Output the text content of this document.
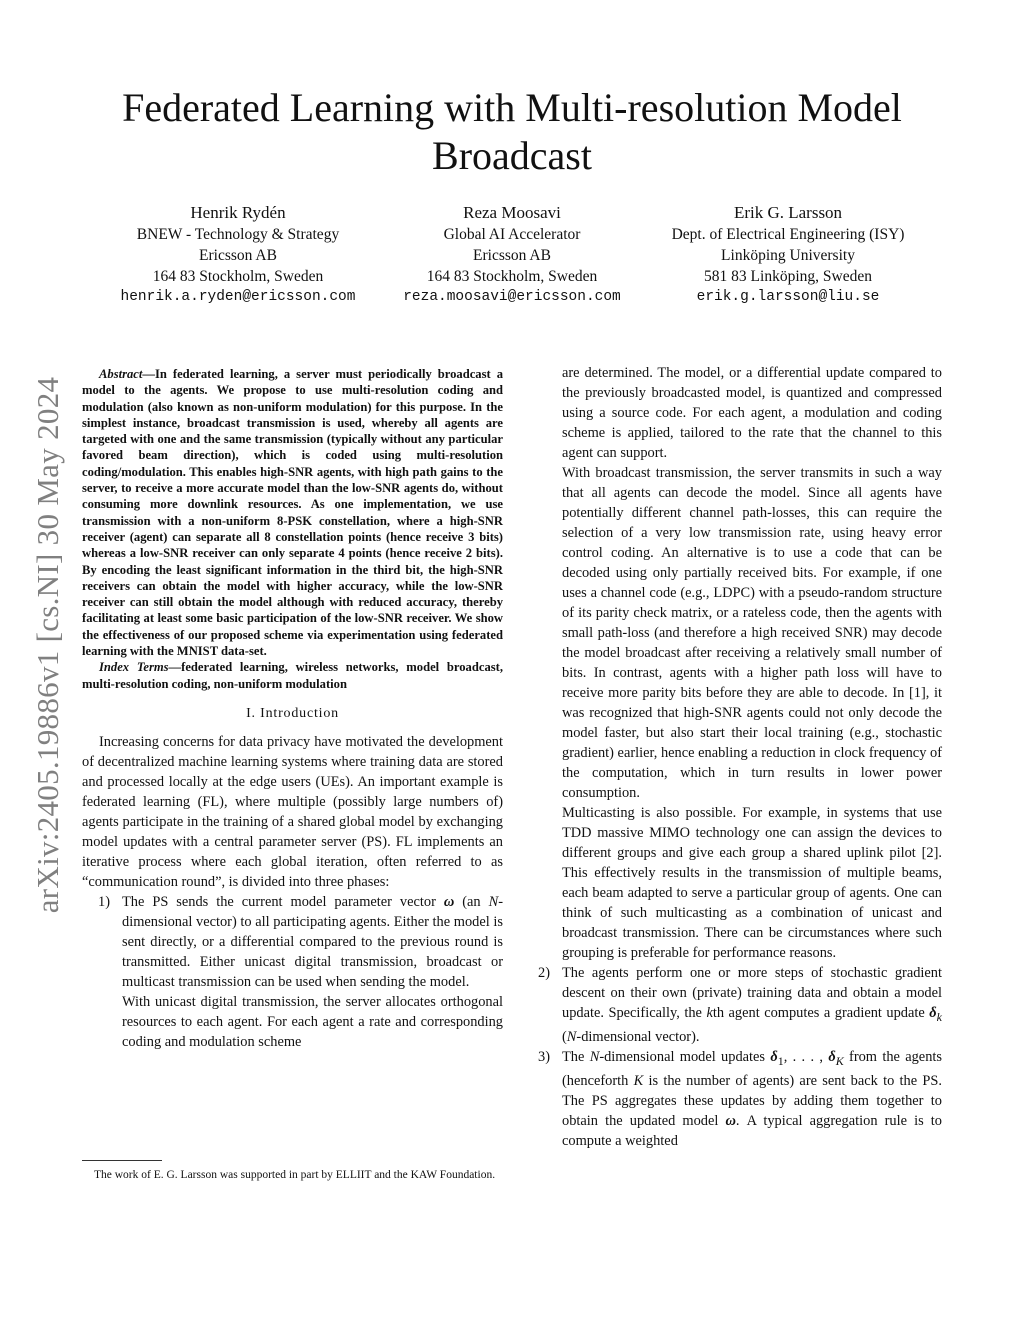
Federated Learning with Multi-resolution Model
Broadcast
Henrik Rydén
BNEW - Technology & Strategy
Ericsson AB
164 83 Stockholm, Sweden
henrik.a.ryden@ericsson.com
Reza Moosavi
Global AI Accelerator
Ericsson AB
164 83 Stockholm, Sweden
reza.moosavi@ericsson.com
Erik G. Larsson
Dept. of Electrical Engineering (ISY)
Linköping University
581 83 Linköping, Sweden
erik.g.larsson@liu.se
arXiv:2405.19886v1 [cs.NI] 30 May 2024

Abstract—In federated learning, a server must periodically broadcast a model to the agents. We propose to use multi-resolution coding and modulation (also known as non-uniform modulation) for this purpose. In the simplest instance, broadcast transmission is used, whereby all agents are targeted with one and the same transmission (typically without any particular favored beam direction), which is coded using multi-resolution coding/modulation. This enables high-SNR agents, with high path gains to the server, to receive a more accurate model than the low-SNR agents do, without consuming more downlink resources. As one implementation, we use transmission with a non-uniform 8-PSK constellation, where a high-SNR receiver (agent) can separate all 8 constellation points (hence receive 3 bits) whereas a low-SNR receiver can only separate 4 points (hence receive 2 bits). By encoding the least significant information in the third bit, the high-SNR receivers can obtain the model with higher accuracy, while the low-SNR receiver can still obtain the model although with reduced accuracy, thereby facilitating at least some basic participation of the low-SNR receiver. We show the effectiveness of our proposed scheme via experimentation using federated learning with the MNIST data-set.

Index Terms—federated learning, wireless networks, model broadcast, multi-resolution coding, non-uniform modulation

I. Introduction

Increasing concerns for data privacy have motivated the development of decentralized machine learning systems where training data are stored and processed locally at the edge users (UEs). An important example is federated learning (FL), where multiple (possibly large numbers of) agents participate in the training of a shared global model by exchanging model updates with a central parameter server (PS). FL implements an iterative process where each global iteration, often referred to as “communication round”, is divided into three phases:

1) The PS sends the current model parameter vector ω (an N-dimensional vector) to all participating agents. Either the model is sent directly, or a differential compared to the previous round is transmitted. Either unicast digital transmission, broadcast or multicast transmission can be used when sending the model.

With unicast digital transmission, the server allocates orthogonal resources to each agent. For each agent a rate and corresponding coding and modulation scheme

are determined. The model, or a differential update compared to the previously broadcasted model, is quantized and compressed using a source code. For each agent, a modulation and coding scheme is applied, tailored to the rate that the channel to this agent can support.

With broadcast transmission, the server transmits in such a way that all agents can decode the model. Since all agents have potentially different channel path-losses, this can require the selection of a very low transmission rate, using heavy error control coding. An alternative is to use a code that can be decoded using only partially received bits. For example, if one uses a channel code (e.g., LDPC) with a pseudo-random structure of its parity check matrix, or a rateless code, then the agents with small path-loss (and therefore a high received SNR) may decode the model broadcast after receiving a relatively small number of bits. In contrast, agents with a higher path loss will have to receive more parity bits before they are able to decode. In [1], it was recognized that high-SNR agents could not only decode the model faster, but also start their local training (e.g., stochastic gradient) earlier, hence enabling a reduction in clock frequency of the computation, which in turn results in lower power consumption.

Multicasting is also possible. For example, in systems that use TDD massive MIMO technology one can assign the devices to different groups and give each group a shared uplink pilot [2]. This effectively results in the transmission of multiple beams, each beam adapted to serve a particular group of agents. One can think of such multicasting as a combination of unicast and broadcast transmission. There can be circumstances where such grouping is preferable for performance reasons.

2) The agents perform one or more steps of stochastic gradient descent on their own (private) training data and obtain a model update. Specifically, the kth agent computes a gradient update $\delta_k$ (N-dimensional vector).

3) The N-dimensional model updates $\delta_1$, . . . , $\delta_K$ from the agents (henceforth K is the number of agents) are sent back to the PS. The PS aggregates these updates by adding them together to obtain the updated model ω. A typical aggregation rule is to compute a weighted

The work of E. G. Larsson was supported in part by ELLIIT and the KAW Foundation.
